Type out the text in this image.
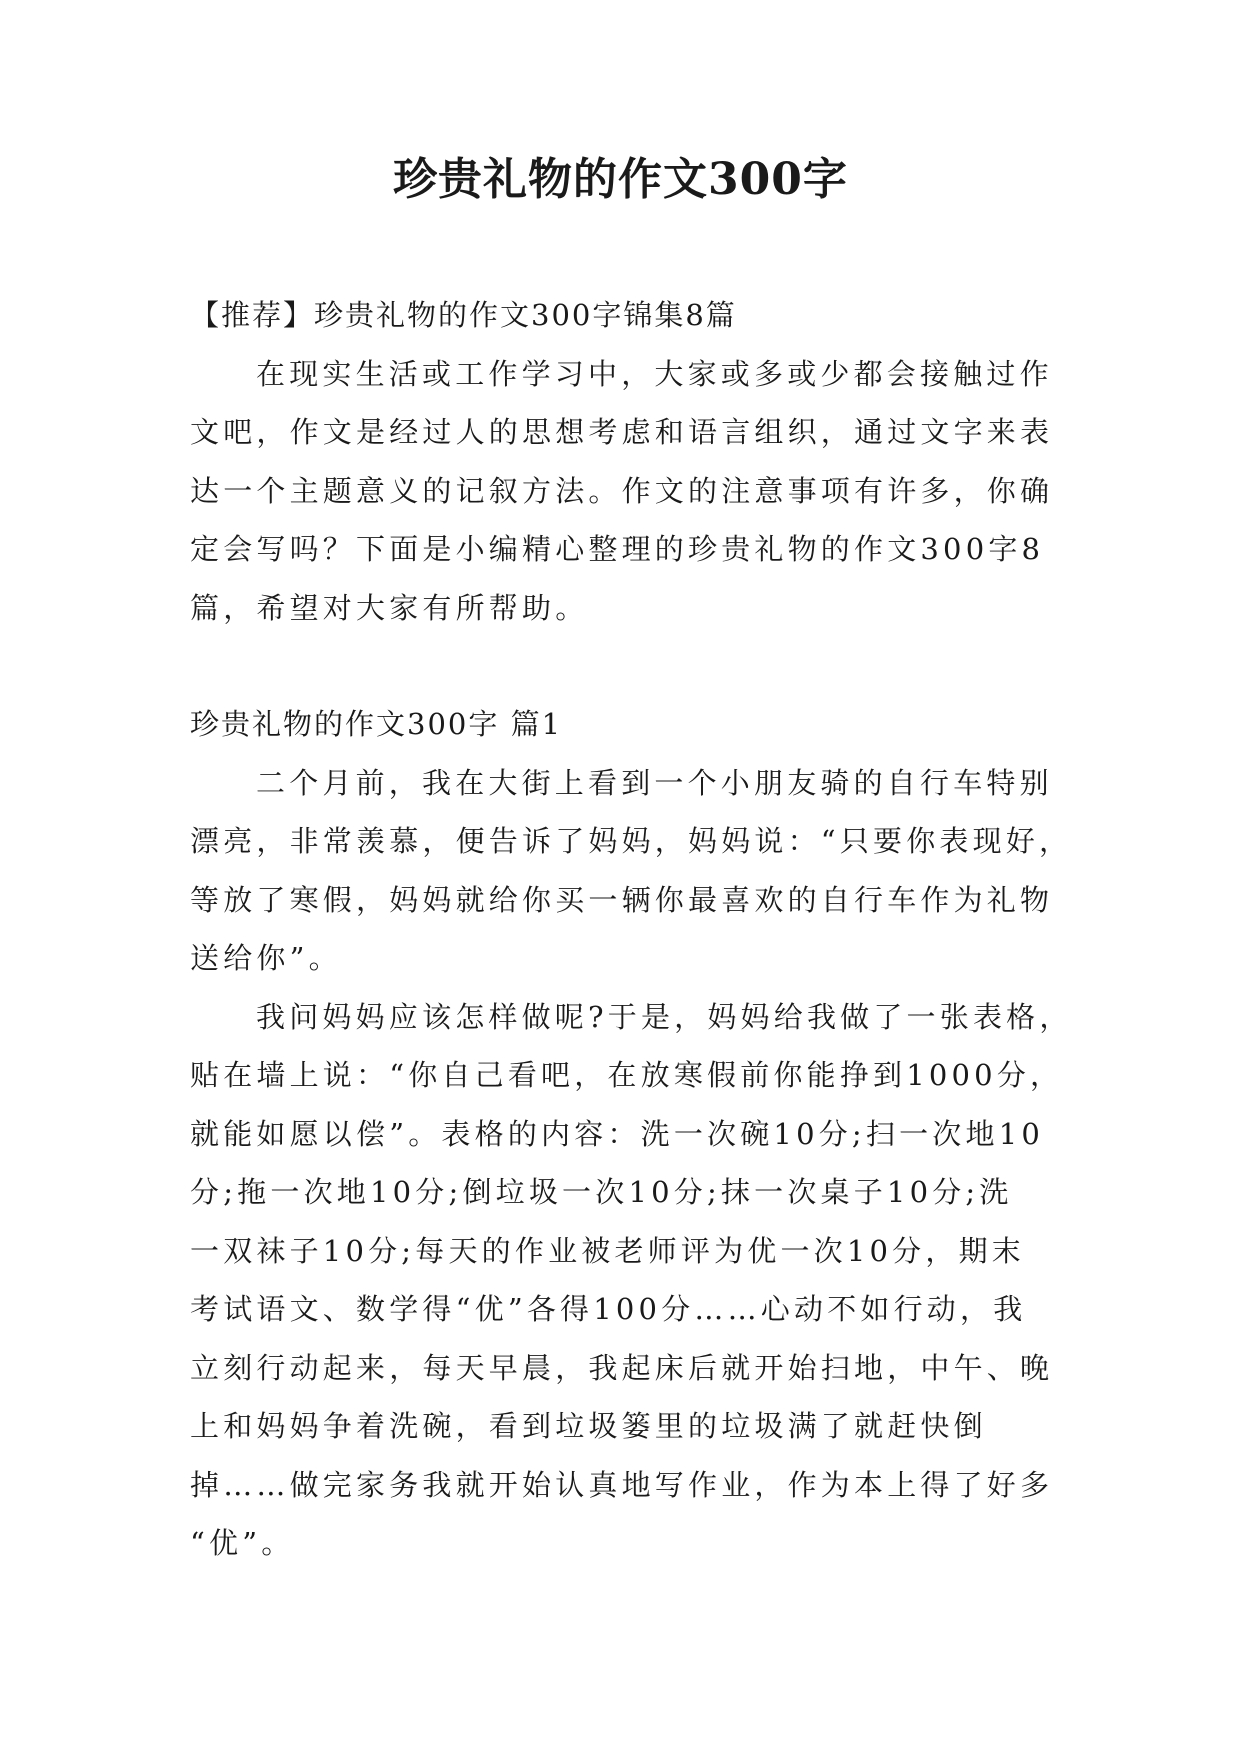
珍贵礼物的作文300字

【推荐】珍贵礼物的作文300字锦集8篇

在现实生活或工作学习中，大家或多或少都会接触过作

文吧，作文是经过人的思想考虑和语言组织，通过文字来表

达一个主题意义的记叙方法。作文的注意事项有许多，你确

定会写吗？下面是小编精心整理的珍贵礼物的作文300字8

篇，希望对大家有所帮助。

珍贵礼物的作文300字 篇1

二个月前，我在大街上看到一个小朋友骑的自行车特别

漂亮，非常羡慕，便告诉了妈妈，妈妈说：“只要你表现好，

等放了寒假，妈妈就给你买一辆你最喜欢的自行车作为礼物

送给你”。

我问妈妈应该怎样做呢?于是，妈妈给我做了一张表格，

贴在墙上说：“你自己看吧，在放寒假前你能挣到1000分，

就能如愿以偿”。表格的内容：洗一次碗10分;扫一次地10

分;拖一次地10分;倒垃圾一次10分;抹一次桌子10分;洗

一双袜子10分;每天的作业被老师评为优一次10分，期末

考试语文、数学得“优”各得100分……心动不如行动，我

立刻行动起来，每天早晨，我起床后就开始扫地，中午、晚

上和妈妈争着洗碗，看到垃圾篓里的垃圾满了就赶快倒

掉……做完家务我就开始认真地写作业，作为本上得了好多

“优”。
